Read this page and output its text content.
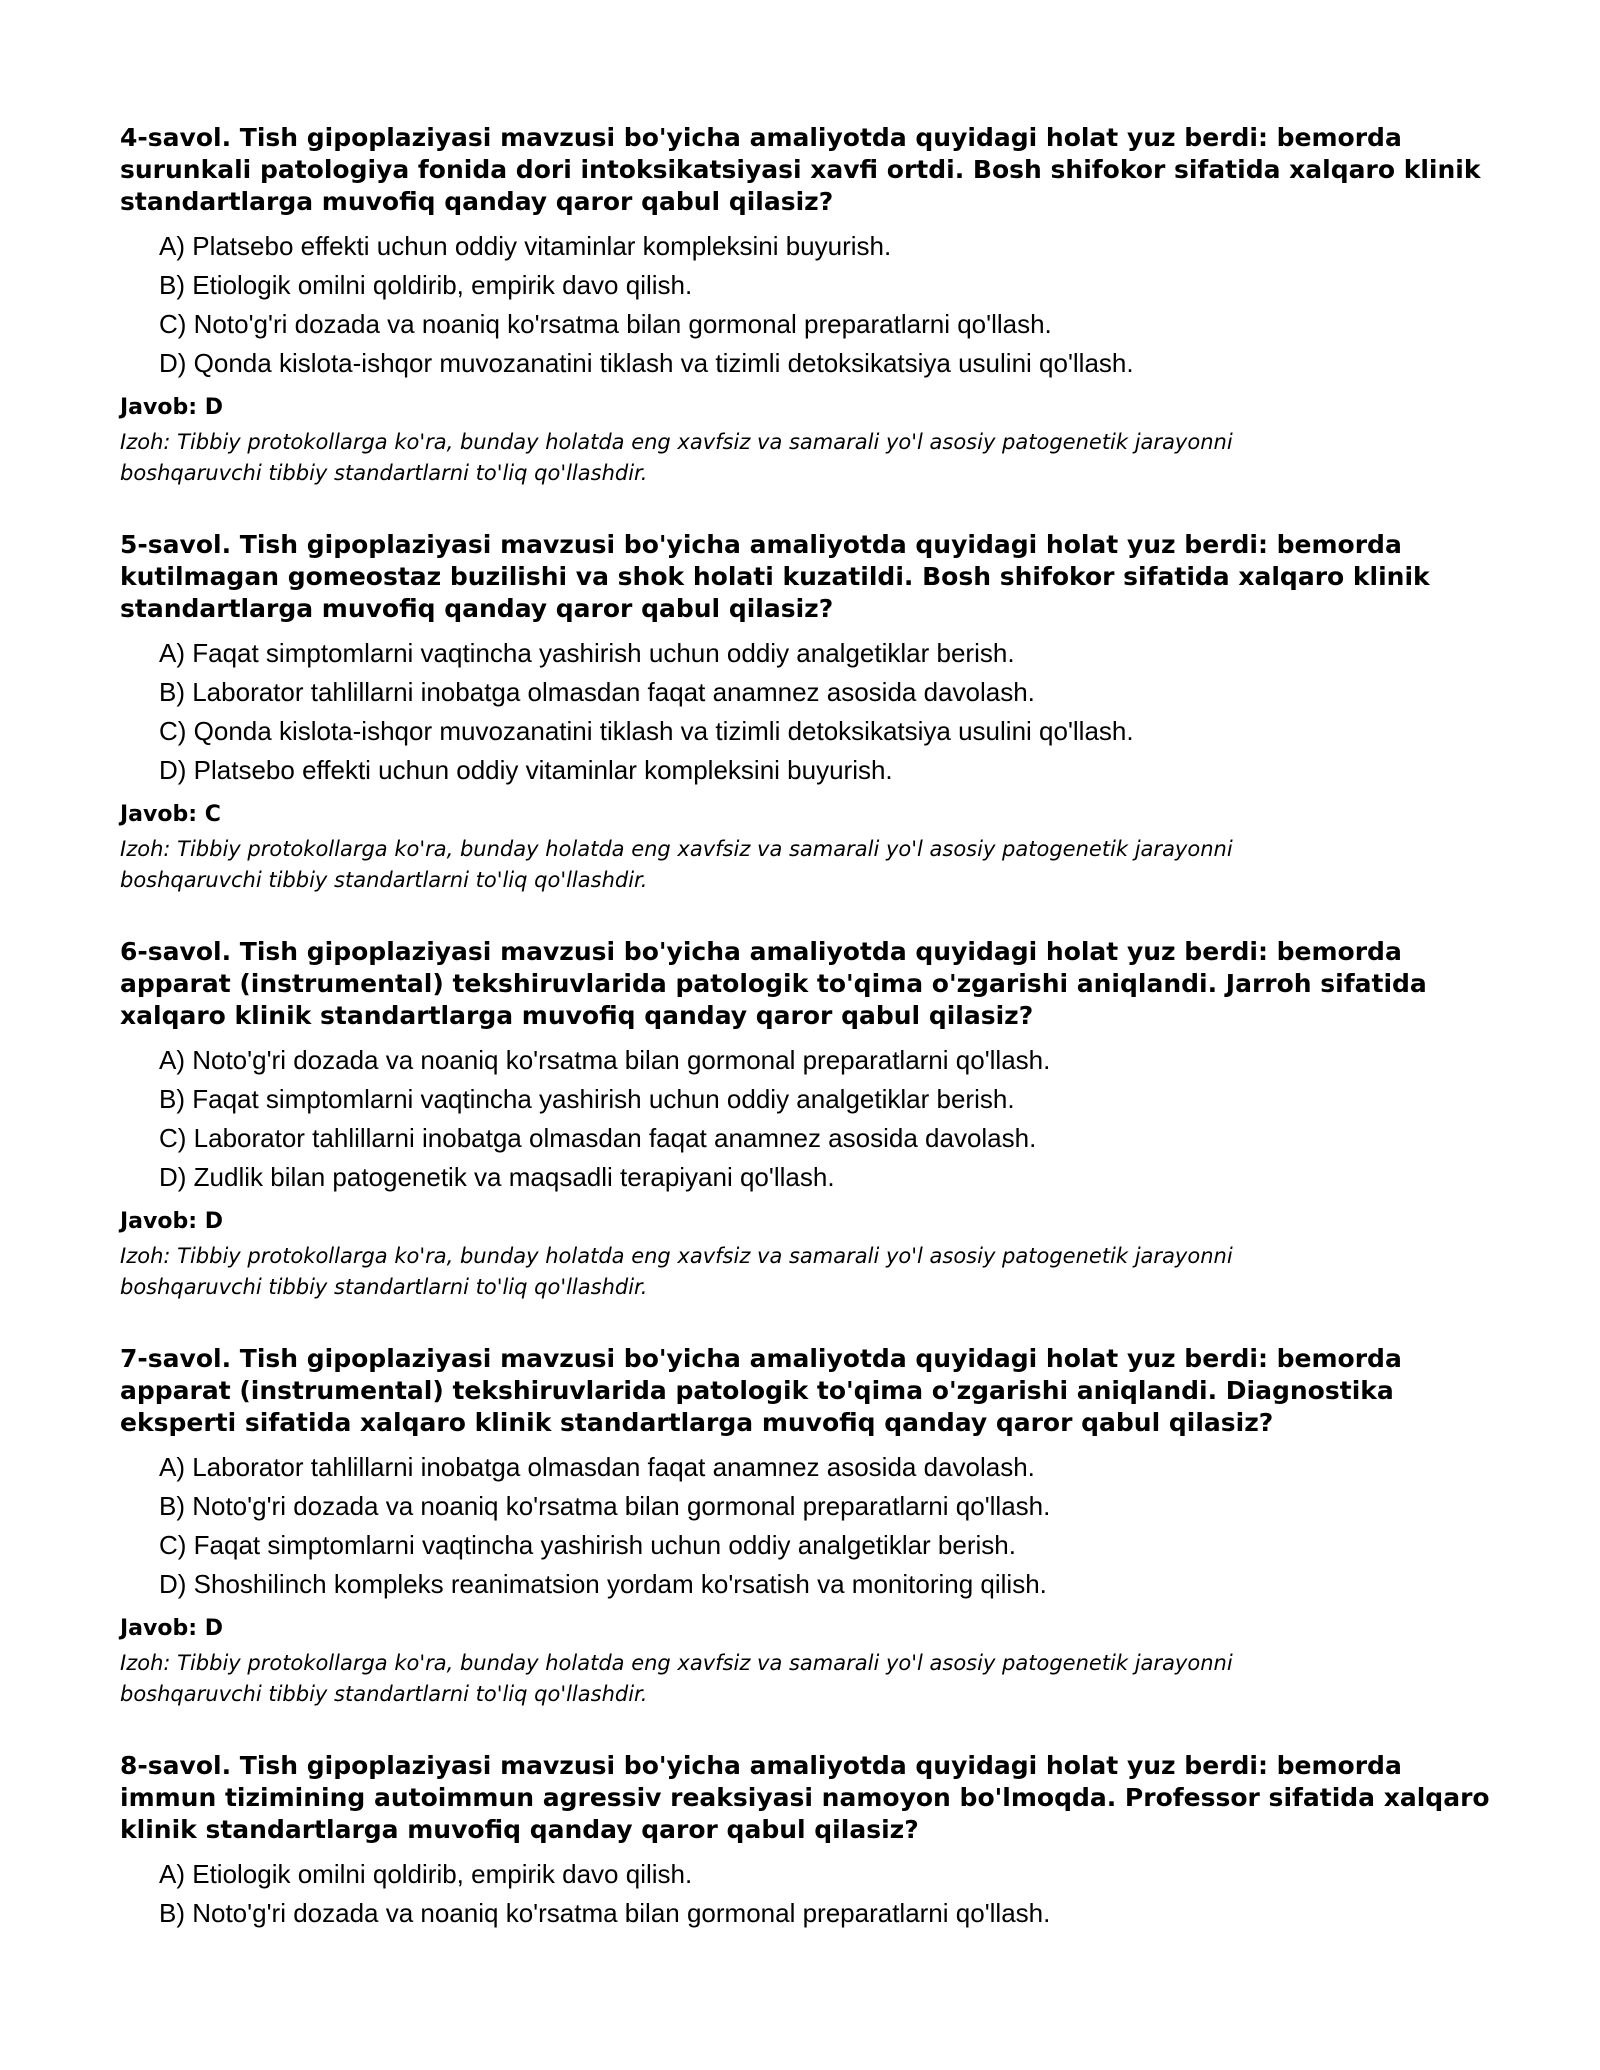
4-savol. Tish gipoplaziyasi mavzusi bo'yicha amaliyotda quyidagi holat yuz berdi: bemorda surunkali patologiya fonida dori intoksikatsiyasi xavfi ortdi. Bosh shifokor sifatida xalqaro klinik standartlarga muvofiq qanday qaror qabul qilasiz?
A) Platsebo effekti uchun oddiy vitaminlar kompleksini buyurish.
B) Etiologik omilni qoldirib, empirik davo qilish.
C) Noto'g'ri dozada va noaniq ko'rsatma bilan gormonal preparatlarni qo'llash.
D) Qonda kislota-ishqor muvozanatini tiklash va tizimli detoksikatsiya usulini qo'llash.
Javob: D
Izoh: Tibbiy protokollarga ko'ra, bunday holatda eng xavfsiz va samarali yo'l asosiy patogenetik jarayonni boshqaruvchi tibbiy standartlarni to'liq qo'llashdir.
5-savol. Tish gipoplaziyasi mavzusi bo'yicha amaliyotda quyidagi holat yuz berdi: bemorda kutilmagan gomeostaz buzilishi va shok holati kuzatildi. Bosh shifokor sifatida xalqaro klinik standartlarga muvofiq qanday qaror qabul qilasiz?
A) Faqat simptomlarni vaqtincha yashirish uchun oddiy analgetiklar berish.
B) Laborator tahlillarni inobatga olmasdan faqat anamnez asosida davolash.
C) Qonda kislota-ishqor muvozanatini tiklash va tizimli detoksikatsiya usulini qo'llash.
D) Platsebo effekti uchun oddiy vitaminlar kompleksini buyurish.
Javob: C
Izoh: Tibbiy protokollarga ko'ra, bunday holatda eng xavfsiz va samarali yo'l asosiy patogenetik jarayonni boshqaruvchi tibbiy standartlarni to'liq qo'llashdir.
6-savol. Tish gipoplaziyasi mavzusi bo'yicha amaliyotda quyidagi holat yuz berdi: bemorda apparat (instrumental) tekshiruvlarida patologik to'qima o'zgarishi aniqlandi. Jarroh sifatida xalqaro klinik standartlarga muvofiq qanday qaror qabul qilasiz?
A) Noto'g'ri dozada va noaniq ko'rsatma bilan gormonal preparatlarni qo'llash.
B) Faqat simptomlarni vaqtincha yashirish uchun oddiy analgetiklar berish.
C) Laborator tahlillarni inobatga olmasdan faqat anamnez asosida davolash.
D) Zudlik bilan patogenetik va maqsadli terapiyani qo'llash.
Javob: D
Izoh: Tibbiy protokollarga ko'ra, bunday holatda eng xavfsiz va samarali yo'l asosiy patogenetik jarayonni boshqaruvchi tibbiy standartlarni to'liq qo'llashdir.
7-savol. Tish gipoplaziyasi mavzusi bo'yicha amaliyotda quyidagi holat yuz berdi: bemorda apparat (instrumental) tekshiruvlarida patologik to'qima o'zgarishi aniqlandi. Diagnostika eksperti sifatida xalqaro klinik standartlarga muvofiq qanday qaror qabul qilasiz?
A) Laborator tahlillarni inobatga olmasdan faqat anamnez asosida davolash.
B) Noto'g'ri dozada va noaniq ko'rsatma bilan gormonal preparatlarni qo'llash.
C) Faqat simptomlarni vaqtincha yashirish uchun oddiy analgetiklar berish.
D) Shoshilinch kompleks reanimatsion yordam ko'rsatish va monitoring qilish.
Javob: D
Izoh: Tibbiy protokollarga ko'ra, bunday holatda eng xavfsiz va samarali yo'l asosiy patogenetik jarayonni boshqaruvchi tibbiy standartlarni to'liq qo'llashdir.
8-savol. Tish gipoplaziyasi mavzusi bo'yicha amaliyotda quyidagi holat yuz berdi: bemorda immun tizimining autoimmun agressiv reaksiyasi namoyon bo'lmoqda. Professor sifatida xalqaro klinik standartlarga muvofiq qanday qaror qabul qilasiz?
A) Etiologik omilni qoldirib, empirik davo qilish.
B) Noto'g'ri dozada va noaniq ko'rsatma bilan gormonal preparatlarni qo'llash.
